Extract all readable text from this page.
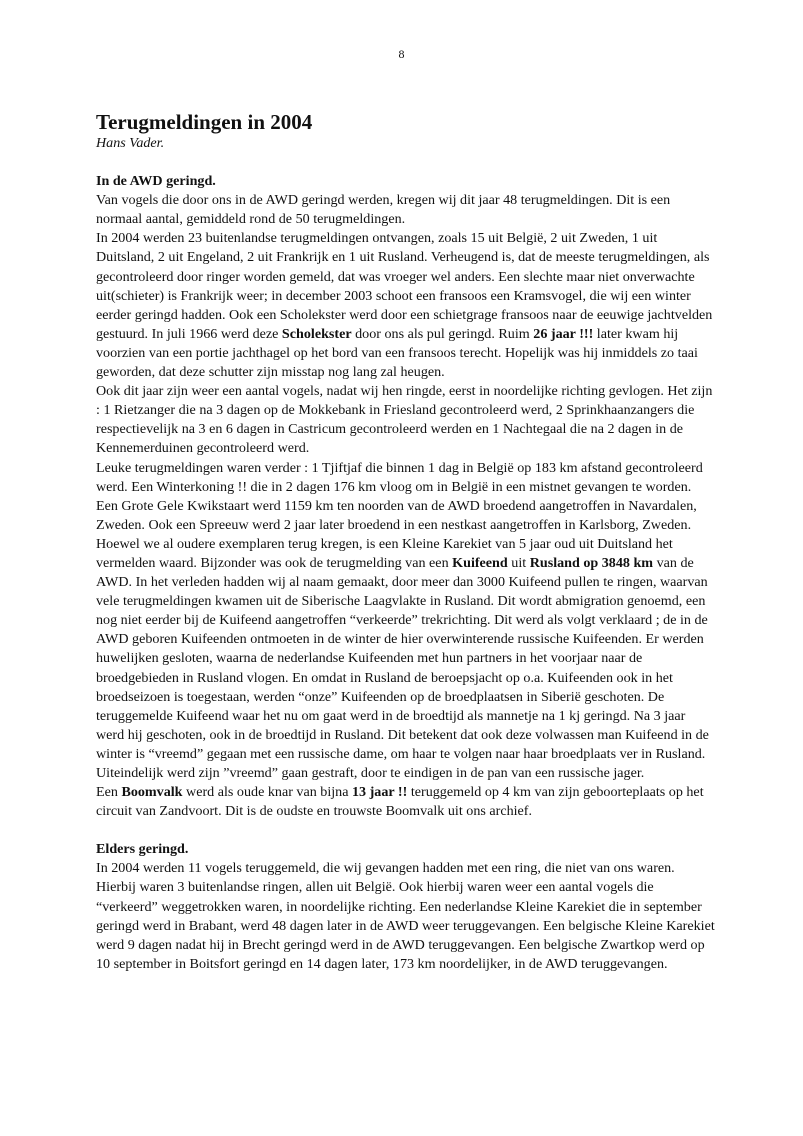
8
Terugmeldingen in 2004
Hans Vader.
In de AWD geringd.

Van vogels die door ons in de AWD geringd werden, kregen wij dit jaar 48 terugmeldingen. Dit is een normaal aantal, gemiddeld rond de 50 terugmeldingen.

In 2004 werden 23 buitenlandse terugmeldingen ontvangen, zoals 15 uit België, 2 uit Zweden, 1 uit Duitsland, 2 uit Engeland, 2 uit Frankrijk en 1 uit Rusland. Verheugend is, dat de meeste terugmeldingen, als gecontroleerd door ringer worden gemeld, dat was vroeger wel anders. Een slechte maar niet onverwachte uit(schieter) is Frankrijk weer; in december 2003 schoot een fransoos een Kramsvogel, die wij een winter eerder geringd hadden. Ook een Scholekster werd door een schietgrage fransoos naar de eeuwige jachtvelden gestuurd. In juli 1966 werd deze Scholekster door ons als pul geringd. Ruim 26 jaar !!! later kwam hij voorzien van een portie jachthagel op het bord van een fransoos terecht. Hopelijk was hij inmiddels zo taai geworden, dat deze schutter zijn misstap nog lang zal heugen.

Ook dit jaar zijn weer een aantal vogels, nadat wij hen ringde, eerst in noordelijke richting gevlogen. Het zijn : 1 Rietzanger die na 3 dagen op de Mokkebank in Friesland gecontroleerd werd, 2 Sprinkhaanzangers die respectievelijk na 3 en 6 dagen in Castricum gecontroleerd werden en 1 Nachtegaal die na 2 dagen in de Kennemerduinen gecontroleerd werd.

Leuke terugmeldingen waren verder : 1 Tjiftjaf die binnen 1 dag in België op 183 km afstand gecontroleerd werd. Een Winterkoning !! die in 2 dagen 176 km vloog om in België in een mistnet gevangen te worden. Een Grote Gele Kwikstaart werd 1159 km ten noorden van de AWD broedend aangetroffen in Navardalen, Zweden. Ook een Spreeuw werd 2 jaar later broedend in een nestkast aangetroffen in Karlsborg, Zweden.

Hoewel we al oudere exemplaren terug kregen, is een Kleine Karekiet van 5 jaar oud uit Duitsland het vermelden waard. Bijzonder was ook de terugmelding van een Kuifeend uit Rusland op 3848 km van de AWD. In het verleden hadden wij al naam gemaakt, door meer dan 3000 Kuifeend pullen te ringen, waarvan vele terugmeldingen kwamen uit de Siberische Laagvlakte in Rusland. Dit wordt abmigration genoemd, een nog niet eerder bij de Kuifeend aangetroffen “verkeerde” trekrichting. Dit werd als volgt verklaard ; de in de AWD geboren Kuifeenden ontmoeten in de winter de hier overwinterende russische Kuifeenden. Er werden huwelijken gesloten, waarna de nederlandse Kuifeenden met hun partners in het voorjaar naar de broedgebieden in Rusland vlogen. En omdat in Rusland de beroepsjacht op o.a. Kuifeenden ook in het broedseizoen is toegestaan, werden “onze” Kuifeenden op de broedplaatsen in Siberië geschoten. De teruggemelde Kuifeend waar het nu om gaat werd in de broedtijd als mannetje na 1 kj geringd. Na 3 jaar werd hij geschoten, ook in de broedtijd in Rusland. Dit betekent dat ook deze volwassen man Kuifeend in de winter is “vreemd” gegaan met een russische dame, om haar te volgen naar haar broedplaats ver in Rusland. Uiteindelijk werd zijn ”vreemd” gaan gestraft, door te eindigen in de pan van een russische jager.

Een Boomvalk werd als oude knar van bijna 13 jaar !! teruggemeld op 4 km van zijn geboorteplaats op het circuit van Zandvoort. Dit is de oudste en trouwste Boomvalk uit ons archief.

Elders geringd.

In 2004 werden 11 vogels teruggemeld, die wij gevangen hadden met een ring, die niet van ons waren. Hierbij waren 3 buitenlandse ringen, allen uit België. Ook hierbij waren weer een aantal vogels die “verkeerd” weggetrokken waren, in noordelijke richting. Een nederlandse Kleine Karekiet die in september geringd werd in Brabant, werd 48 dagen later in de AWD weer teruggevangen. Een belgische Kleine Karekiet werd 9 dagen nadat hij in Brecht geringd werd in de AWD teruggevangen. Een belgische Zwartkop werd op 10 september in Boitsfort geringd en 14 dagen later, 173 km noordelijker, in de AWD teruggevangen.
